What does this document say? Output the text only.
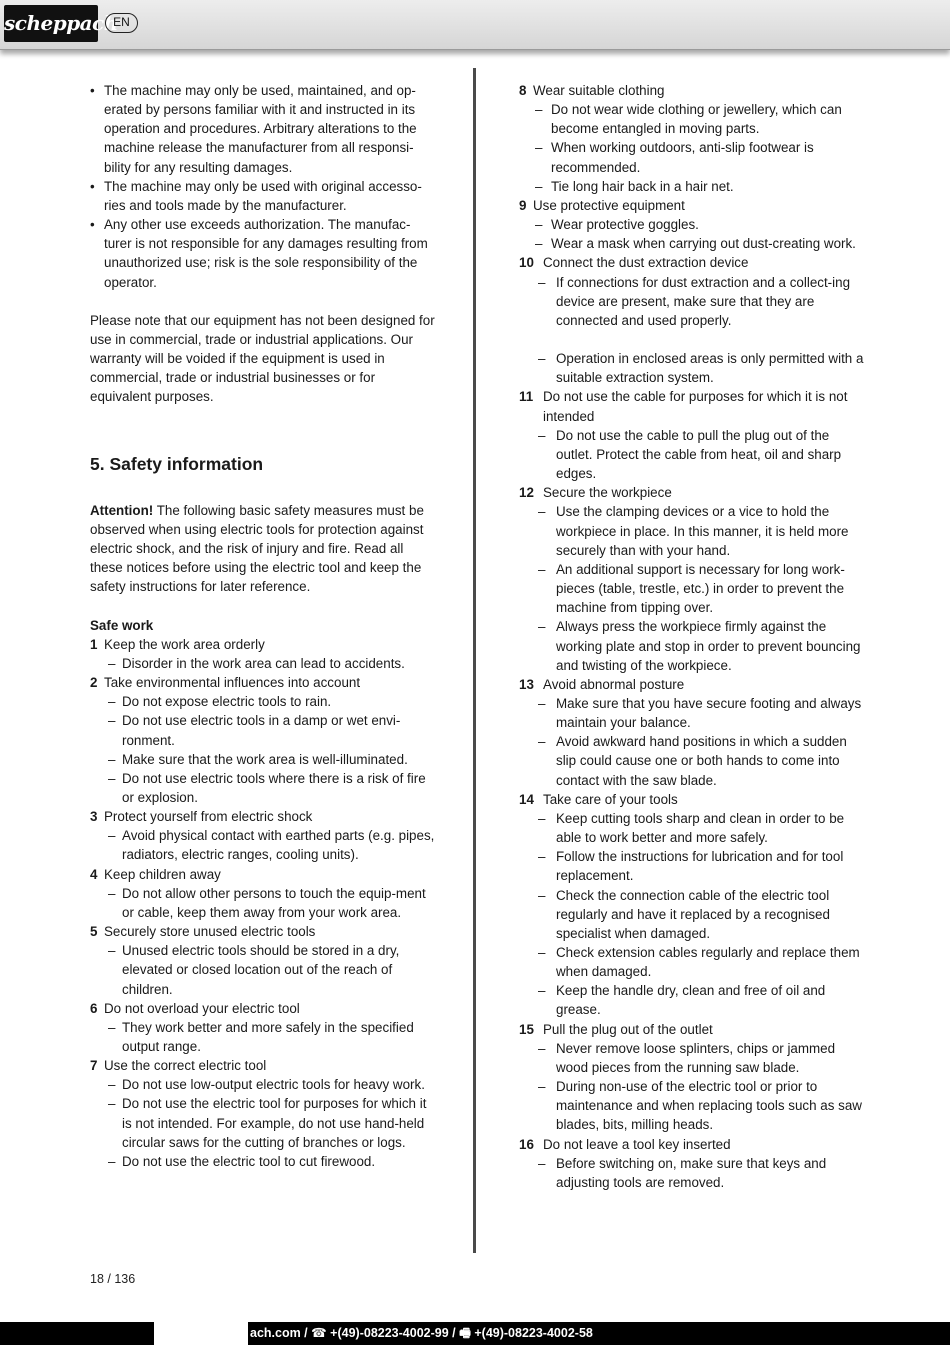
scheppach
EN
• The machine may only be used, maintained, and op-erated by persons familiar with it and instructed in its operation and procedures. Arbitrary alterations to the machine release the manufacturer from all responsi-bility for any resulting damages.
• The machine may only be used with original accesso-ries and tools made by the manufacturer.
• Any other use exceeds authorization. The manufac-turer is not responsible for any damages resulting from unauthorized use; risk is the sole responsibility of the operator.
Please note that our equipment has not been designed for use in commercial, trade or industrial applications. Our warranty will be voided if the equipment is used in commercial, trade or industrial businesses or for equivalent purposes.
5. Safety information
Attention! The following basic safety measures must be observed when using electric tools for protection against electric shock, and the risk of injury and fire. Read all these notices before using the electric tool and keep the safety instructions for later reference.
Safe work
1 Keep the work area orderly
– Disorder in the work area can lead to accidents.
2 Take environmental influences into account
– Do not expose electric tools to rain.
– Do not use electric tools in a damp or wet envi-ronment.
– Make sure that the work area is well-illuminated.
– Do not use electric tools where there is a risk of fire or explosion.
3 Protect yourself from electric shock
– Avoid physical contact with earthed parts (e.g. pipes, radiators, electric ranges, cooling units).
4 Keep children away
– Do not allow other persons to touch the equip-ment or cable, keep them away from your work area.
5 Securely store unused electric tools
– Unused electric tools should be stored in a dry, elevated or closed location out of the reach of children.
6 Do not overload your electric tool
– They work better and more safely in the specified output range.
7 Use the correct electric tool
– Do not use low-output electric tools for heavy work.
– Do not use the electric tool for purposes for which it is not intended. For example, do not use hand-held circular saws for the cutting of branches or logs.
– Do not use the electric tool to cut firewood.
8 Wear suitable clothing
– Do not wear wide clothing or jewellery, which can become entangled in moving parts.
– When working outdoors, anti-slip footwear is recommended.
– Tie long hair back in a hair net.
9 Use protective equipment
– Wear protective goggles.
– Wear a mask when carrying out dust-creating work.
10 Connect the dust extraction device
– If connections for dust extraction and a collect-ing device are present, make sure that they are connected and used properly.
– Operation in enclosed areas is only permitted with a suitable extraction system.
11 Do not use the cable for purposes for which it is not intended
– Do not use the cable to pull the plug out of the outlet. Protect the cable from heat, oil and sharp edges.
12 Secure the workpiece
– Use the clamping devices or a vice to hold the workpiece in place. In this manner, it is held more securely than with your hand.
– An additional support is necessary for long work-pieces (table, trestle, etc.) in order to prevent the machine from tipping over.
– Always press the workpiece firmly against the working plate and stop in order to prevent bouncing and twisting of the workpiece.
13 Avoid abnormal posture
– Make sure that you have secure footing and always maintain your balance.
– Avoid awkward hand positions in which a sudden slip could cause one or both hands to come into contact with the saw blade.
14 Take care of your tools
– Keep cutting tools sharp and clean in order to be able to work better and more safely.
– Follow the instructions for lubrication and for tool replacement.
– Check the connection cable of the electric tool regularly and have it replaced by a recognised specialist when damaged.
– Check extension cables regularly and replace them when damaged.
– Keep the handle dry, clean and free of oil and grease.
15 Pull the plug out of the outlet
– Never remove loose splinters, chips or jammed wood pieces from the running saw blade.
– During non-use of the electric tool or prior to maintenance and when replacing tools such as saw blades, bits, milling heads.
16 Do not leave a tool key inserted
– Before switching on, make sure that keys and adjusting tools are removed.
18 / 136
ach.com / ☎ +(49)-08223-4002-99 / 🖷 +(49)-08223-4002-58
